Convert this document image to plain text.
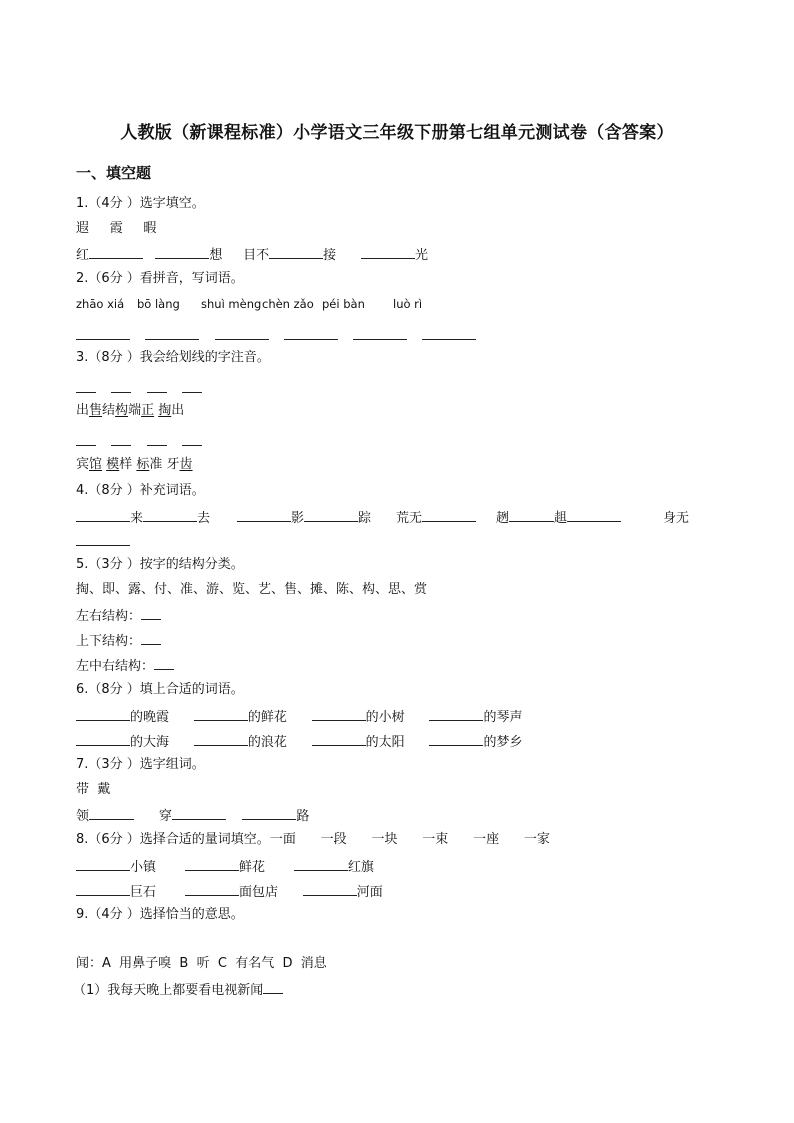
人教版（新课程标准）小学语文三年级下册第七组单元测试卷（含答案）
一、填空题
1.（4分 ）选字填空。
遐 霞 暇
红	想 目不	接	光
2.（6分 ）看拼音，写词语。
zhāo xiá bō làng shuì mèng chèn zǎo péi bàn luò rì

3.（8分 ）我会给划线的字注音。

出售结构端正 掏出

宾馆 模样 标准 牙齿
4.（8分 ）补充词语。
来	去	影	踪 荒无	趔	趄	身无
5.（3分 ）按字的结构分类。
掏、即、露、付、准、游、览、艺、售、摊、陈、构、思、赏
左右结构：
上下结构：
左中右结构：
6.（8分 ）填上合适的词语。
的晚霞	的鲜花	的小树	的琴声
的大海	的浪花	的太阳	的梦乡
7.（3分 ）选字组词。
带  戴
领	穿	路
8.（6分 ）选择合适的量词填空。一面 一段 一块 一束 一座 一家
小镇	鲜花	红旗
巨石	面包店	河面
9.（4分 ）选择恰当的意思。
闻：A  用鼻子嗅  B  听  C  有名气  D  消息
（1）我每天晚上都要看电视新闻
